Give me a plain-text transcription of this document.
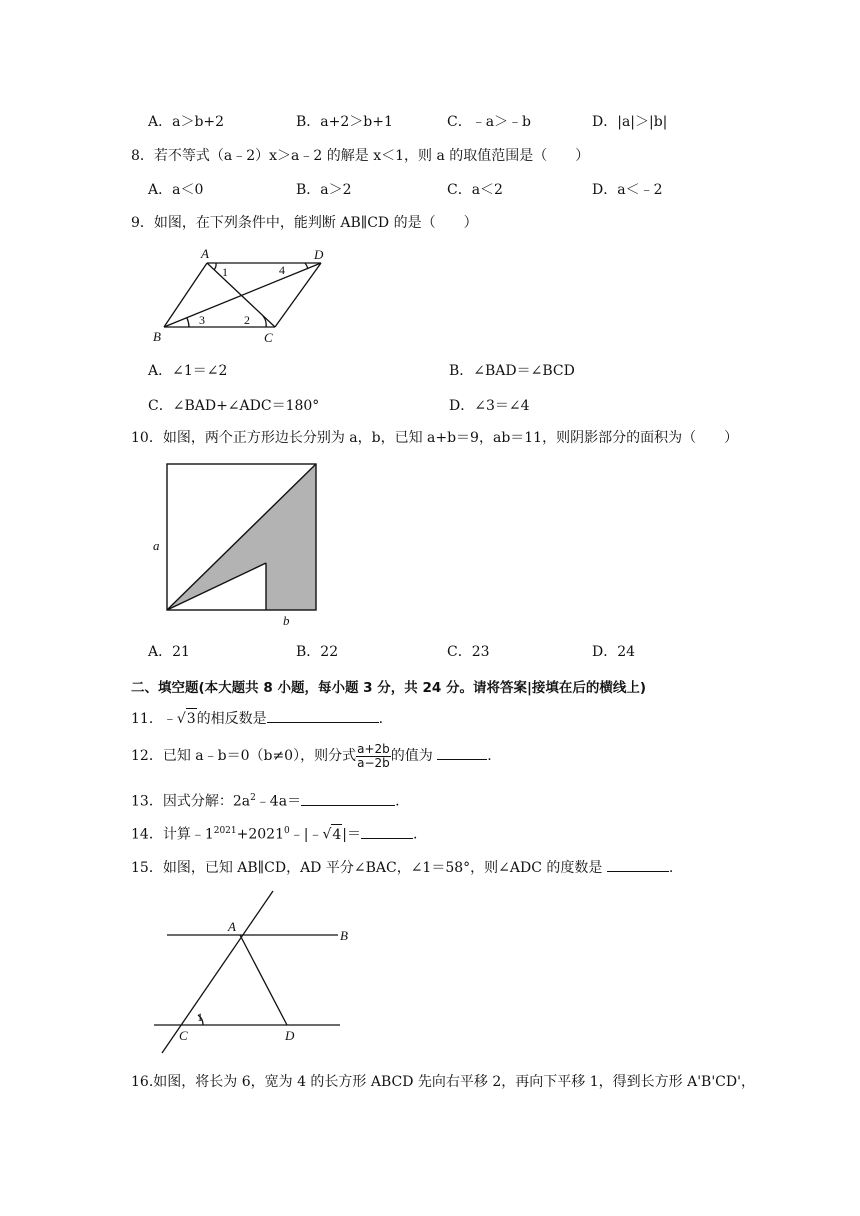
A．a＞b+2	B．a+2＞b+1	C．﹣a＞﹣b	D．|a|＞|b|
8．若不等式（a﹣2）x＞a﹣2 的解是 x＜1，则 a 的取值范围是（　　）
A．a＜0	B．a＞2	C．a＜2	D．a＜﹣2
9．如图，在下列条件中，能判断 AB∥CD 的是（　　）
A	D
B	C
1	4
3	2
A．∠1＝∠2	B．∠BAD＝∠BCD
C．∠BAD+∠ADC＝180°	D．∠3＝∠4
10．如图，两个正方形边长分别为 a，b，已知 a+b＝9，ab＝11，则阴影部分的面积为（　　）
a
b
A．21	B．22	C．23	D．24
二、填空题(本大题共 8 小题，每小题 3 分，共 24 分。请将答案|接填在后的横线上)
11．﹣√3的相反数是	.
12．已知 a﹣b＝0（b≠0），则分式 $\frac{a+2b}{a-2b}$ 的值为	.
13．因式分解：$2a^2﹣4a=$	.
14．计算$﹣1^{2021}+2021^0﹣|﹣√4|=$	.
15．如图，已知 AB∥CD，AD 平分∠BAC，∠1＝58°，则∠ADC 的度数是	.
A
B
C	D
1
16.如图，将长为 6，宽为 4 的长方形 ABCD 先向右平移 2，再向下平移 1，得到长方形 A'B'CD'，
